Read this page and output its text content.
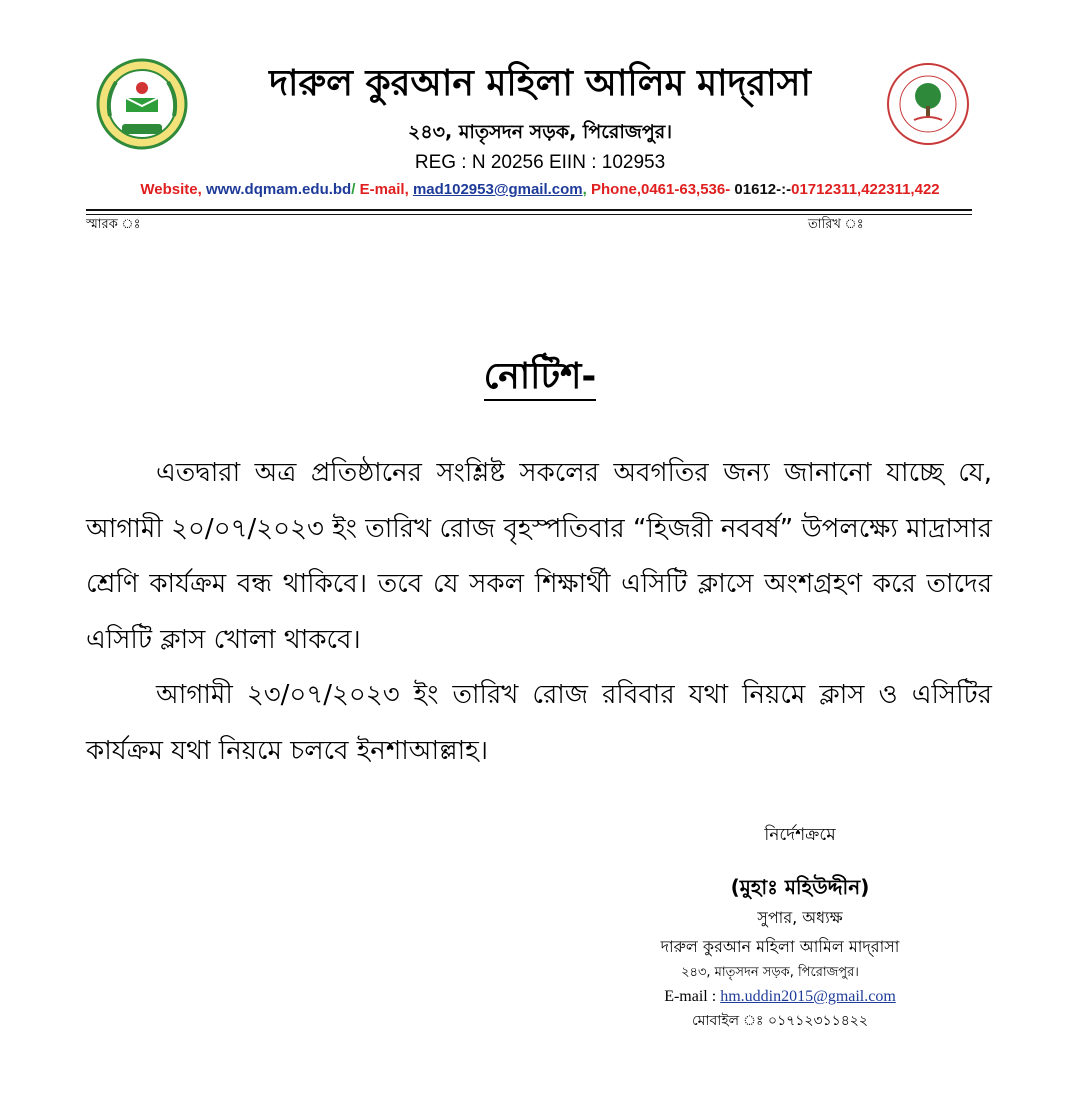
দারুল কুরআন মহিলা আলিম মাদ্‌রাসা
২৪৩, মাতৃসদন সড়ক, পিরোজপুর।
REG : N 20256 EIIN : 102953
Website, www.dqmam.edu.bd/ E-mail, mad102953@gmail.com, Phone,0461-63,536- 01612-:-01712311,422311,422
স্মারক ঃ	তারিখ ঃ
নোটিশ-

এতদ্বারা অত্র প্রতিষ্ঠানের সংশ্লিষ্ট সকলের অবগতির জন্য জানানো যাচ্ছে যে, আগামী ২০/০৭/২০২৩ ইং তারিখ রোজ বৃহস্পতিবার “হিজরী নববর্ষ” উপলক্ষ্যে মাদ্রাসার শ্রেণি কার্যক্রম বন্ধ থাকিবে। তবে যে সকল শিক্ষার্থী এসিটি ক্লাসে অংশগ্রহণ করে তাদের এসিটি ক্লাস খোলা থাকবে।

আগামী ২৩/০৭/২০২৩ ইং তারিখ রোজ রবিবার যথা নিয়মে ক্লাস ও এসিটির কার্যক্রম যথা নিয়মে চলবে ইনশাআল্লাহ।

নির্দেশক্রমে
(মুহাঃ মহিউদ্দীন)
সুপার, অধ্যক্ষ
দারুল কুরআন মহিলা আমিল মাদ্‌রাসা
২৪৩, মাতৃসদন সড়ক, পিরোজপুর।
E-mail : hm.uddin2015@gmail.com
মোবাইল ঃ ০১৭১২৩১১৪২২
